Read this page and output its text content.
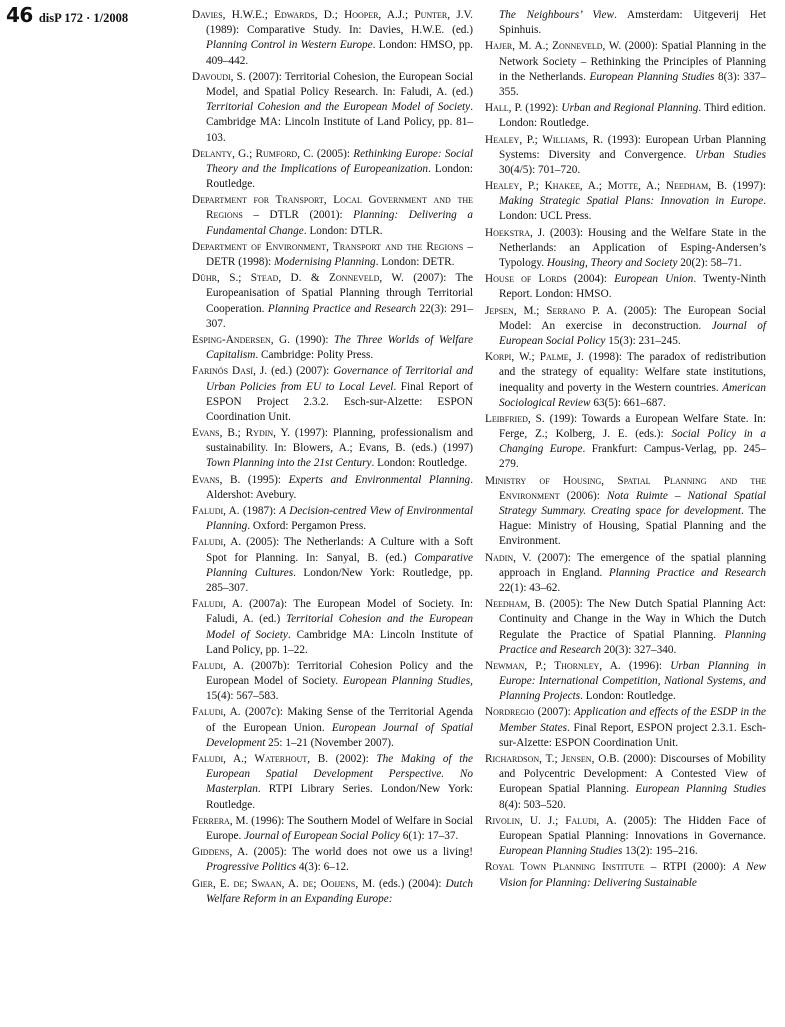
46 disP 172 · 1/2008	Davies, H.W.E.; Edwards, D.; Hooper, A.J.; Punter, J.V. (1989): Comparative Study. In: Davies, H.W.E. (ed.) Planning Control in Western Europe. London: HMSO, pp. 409–442.

Davoudi, S. (2007): Territorial Cohesion, the European Social Model, and Spatial Policy Research. In: Faludi, A. (ed.) Territorial Cohesion and the European Model of Society. Cambridge MA: Lincoln Institute of Land Policy, pp. 81–103.

Delanty, G.; Rumford, C. (2005): Rethinking Europe: Social Theory and the Implications of Europeanization. London: Routledge.

Department for Transport, Local Government and the Regions – DTLR (2001): Planning: Delivering a Fundamental Change. London: DTLR.

Department of Environment, Transport and the Regions – DETR (1998): Modernising Planning. London: DETR.

Dühr, S.; Stead, D. & Zonneveld, W. (2007): The Europeanisation of Spatial Planning through Territorial Cooperation. Planning Practice and Research 22(3): 291–307.

Esping-Andersen, G. (1990): The Three Worlds of Welfare Capitalism. Cambridge: Polity Press.

Farinós Dasí, J. (ed.) (2007): Governance of Territorial and Urban Policies from EU to Local Level. Final Report of ESPON Project 2.3.2. Esch-sur-Alzette: ESPON Coordination Unit.

Evans, B.; Rydin, Y. (1997): Planning, professionalism and sustainability. In: Blowers, A.; Evans, B. (eds.) (1997) Town Planning into the 21st Century. London: Routledge.

Evans, B. (1995): Experts and Environmental Planning. Aldershot: Avebury.

Faludi, A. (1987): A Decision-centred View of Environmental Planning. Oxford: Pergamon Press.

Faludi, A. (2005): The Netherlands: A Culture with a Soft Spot for Planning. In: Sanyal, B. (ed.) Comparative Planning Cultures. London/New York: Routledge, pp. 285–307.

Faludi, A. (2007a): The European Model of Society. In: Faludi, A. (ed.) Territorial Cohesion and the European Model of Society. Cambridge MA: Lincoln Institute of Land Policy, pp. 1–22.

Faludi, A. (2007b): Territorial Cohesion Policy and the European Model of Society. European Planning Studies, 15(4): 567–583.

Faludi, A. (2007c): Making Sense of the Territorial Agenda of the European Union. European Journal of Spatial Development 25: 1–21 (November 2007).

Faludi, A.; Waterhout, B. (2002): The Making of the European Spatial Development Perspective. No Masterplan. RTPI Library Series. London/New York: Routledge.

Ferrera, M. (1996): The Southern Model of Welfare in Social Europe. Journal of European Social Policy 6(1): 17–37.

Giddens, A. (2005): The world does not owe us a living! Progressive Politics 4(3): 6–12.

Gier, E. de; Swaan, A. de; Ooijens, M. (eds.) (2004): Dutch Welfare Reform in an Expanding Europe:

The Neighbours’ View. Amsterdam: Uitgeverij Het Spinhuis.

Hajer, M. A.; Zonneveld, W. (2000): Spatial Planning in the Network Society – Rethinking the Principles of Planning in the Netherlands. European Planning Studies 8(3): 337–355.

Hall, P. (1992): Urban and Regional Planning. Third edition. London: Routledge.

Healey, P.; Williams, R. (1993): European Urban Planning Systems: Diversity and Convergence. Urban Studies 30(4/5): 701–720.

Healey, P.; Khakee, A.; Motte, A.; Needham, B. (1997): Making Strategic Spatial Plans: Innovation in Europe. London: UCL Press.

Hoekstra, J. (2003): Housing and the Welfare State in the Netherlands: an Application of Esping-Andersen’s Typology. Housing, Theory and Society 20(2): 58–71.

House of Lords (2004): European Union. Twenty-Ninth Report. London: HMSO.

Jepsen, M.; Serrano P. A. (2005): The European Social Model: An exercise in deconstruction. Journal of European Social Policy 15(3): 231–245.

Korpi, W.; Palme, J. (1998): The paradox of redistribution and the strategy of equality: Welfare state institutions, inequality and poverty in the Western countries. American Sociological Review 63(5): 661–687.

Leibfried, S. (199): Towards a European Welfare State. In: Ferge, Z.; Kolberg, J. E. (eds.): Social Policy in a Changing Europe. Frankfurt: Campus-Verlag, pp. 245–279.

Ministry of Housing, Spatial Planning and the Environment (2006): Nota Ruimte – National Spatial Strategy Summary. Creating space for development. The Hague: Ministry of Housing, Spatial Planning and the Environment.

Nadin, V. (2007): The emergence of the spatial planning approach in England. Planning Practice and Research 22(1): 43–62.

Needham, B. (2005): The New Dutch Spatial Planning Act: Continuity and Change in the Way in Which the Dutch Regulate the Practice of Spatial Planning. Planning Practice and Research 20(3): 327–340.

Newman, P.; Thornley, A. (1996): Urban Planning in Europe: International Competition, National Systems, and Planning Projects. London: Routledge.

Nordregio (2007): Application and effects of the ESDP in the Member States. Final Report, ESPON project 2.3.1. Esch-sur-Alzette: ESPON Coordination Unit.

Richardson, T.; Jensen, O.B. (2000): Discourses of Mobility and Polycentric Development: A Contested View of European Spatial Planning. European Planning Studies 8(4): 503–520.

Rivolin, U. J.; Faludi, A. (2005): The Hidden Face of European Spatial Planning: Innovations in Governance. European Planning Studies 13(2): 195–216.

Royal Town Planning Institute – RTPI (2000): A New Vision for Planning: Delivering Sustainable
